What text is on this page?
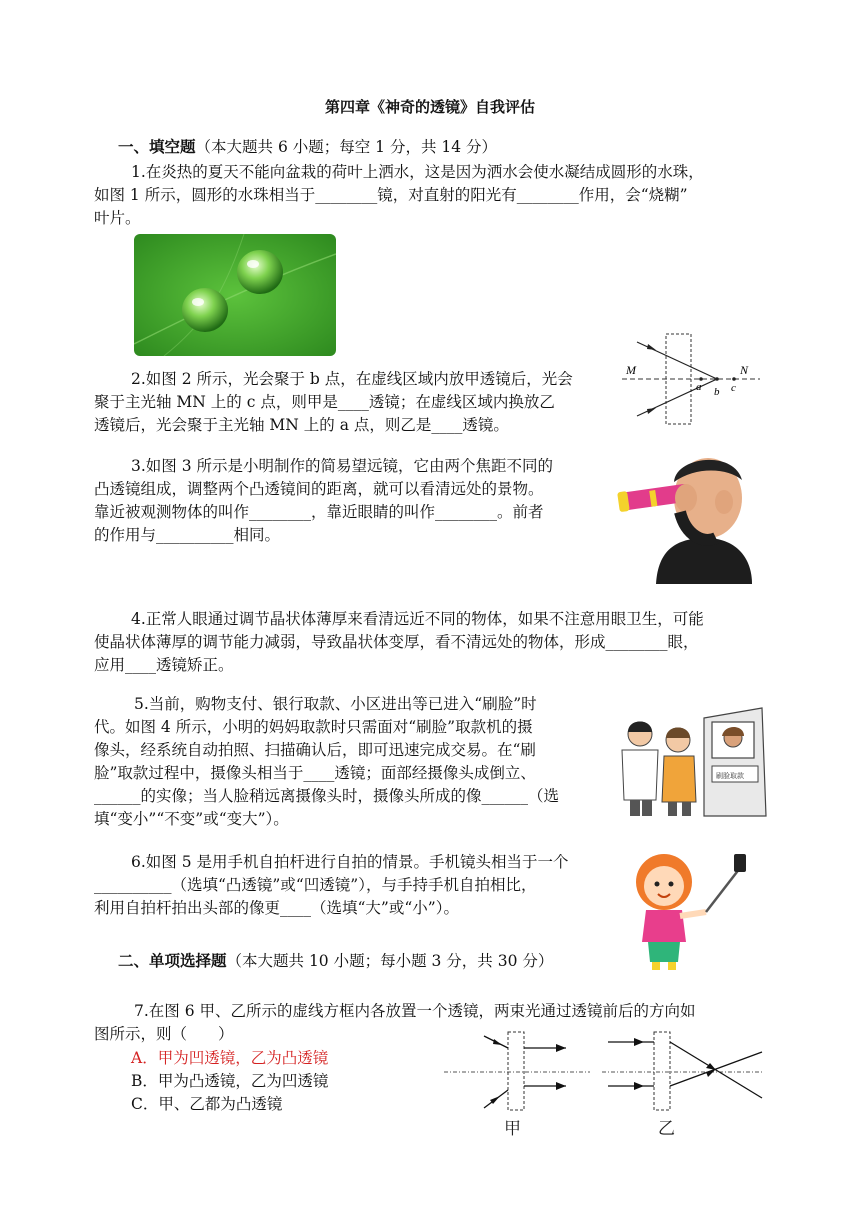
第四章《神奇的透镜》自我评估
一、填空题（本大题共 6 小题；每空 1 分，共 14 分）
1.在炎热的夏天不能向盆栽的荷叶上洒水，这是因为洒水会使水凝结成圆形的水珠，
如图 1 所示，圆形的水珠相当于________镜，对直射的阳光有________作用，会“烧糊”
叶片。
2.如图 2 所示，光会聚于 b 点，在虚线区域内放甲透镜后，光会
聚于主光轴 MN 上的 c 点，则甲是____透镜；在虚线区域内换放乙
透镜后，光会聚于主光轴 MN 上的 a 点，则乙是____透镜。
M	N
a b c
3.如图 3 所示是小明制作的简易望远镜，它由两个焦距不同的
凸透镜组成，调整两个凸透镜间的距离，就可以看清远处的景物。
靠近被观测物体的叫作________，靠近眼睛的叫作________。前者
的作用与__________相同。
4.正常人眼通过调节晶状体薄厚来看清远近不同的物体，如果不注意用眼卫生，可能
使晶状体薄厚的调节能力减弱，导致晶状体变厚，看不清远处的物体，形成________眼，
应用____透镜矫正。
5.当前，购物支付、银行取款、小区进出等已进入“刷脸”时
代。如图 4 所示，小明的妈妈取款时只需面对“刷脸”取款机的摄
像头，经系统自动拍照、扫描确认后，即可迅速完成交易。在“刷
脸”取款过程中，摄像头相当于____透镜；面部经摄像头成倒立、
______的实像；当人脸稍远离摄像头时，摄像头所成的像______（选
填“变小”“不变”或“变大”）。
刷脸取款
6.如图 5 是用手机自拍杆进行自拍的情景。手机镜头相当于一个
__________（选填“凸透镜”或“凹透镜”），与手持手机自拍相比，
利用自拍杆拍出头部的像更____（选填“大”或“小”）。
二、单项选择题（本大题共 10 小题；每小题 3 分，共 30 分）
7.在图 6 甲、乙所示的虚线方框内各放置一个透镜，两束光通过透镜前后的方向如
图所示，则（　　）
A．甲为凹透镜，乙为凸透镜
B．甲为凸透镜，乙为凹透镜
C．甲、乙都为凸透镜
甲	乙
